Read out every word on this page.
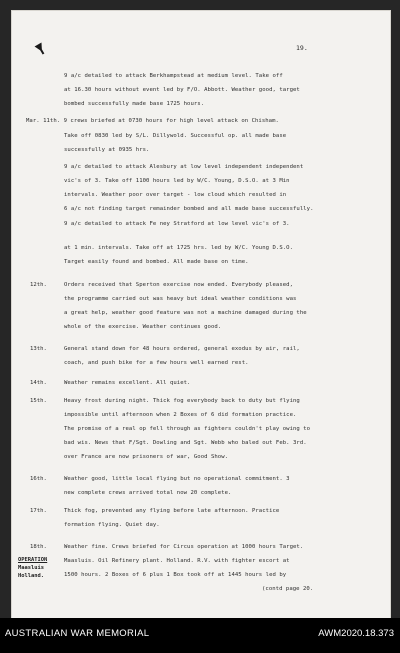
19.
9 a/c detailed to attack Berkhampstead at medium level. Take off
at 16.30 hours without event led by F/O. Abbott. Weather good, target
bombed successfully made base 1725 hours.
Mar. 11th. 9 crews briefed at 0730 hours for high level attack on Chisham.
Take off 0830 led by S/L. Dillywold. Successful op. all made base
successfully at 0935 hrs.
9 a/c detailed to attack Alesbury at low level independent independent
vic's of 3. Take off 1100 hours led by W/C. Young, D.S.O. at 3 Min
intervals. Weather poor over target - low cloud which resulted in
6 a/c not finding target remainder bombed and all made base successfully.
9 a/c detailed to attack Fe ney Stratford at low level vic's of 3.
at 1 min. intervals. Take off at 1725 hrs. led by W/C. Young D.S.O.
Target easily found and bombed. All made base on time.
12th.	Orders received that Sperton exercise now ended. Everybody pleased,
the programme carried out was heavy but ideal weather conditions was
a great help, weather good feature was not a machine damaged during the
whole of the exercise. Weather continues good.
13th.	General stand down for 48 hours ordered, general exodus by air, rail,
coach, and push bike for a few hours well earned rest.
14th.	Weather remains excellent. All quiet.
15th.	Heavy frost during night. Thick fog everybody back to duty but flying
impossible until afternoon when 2 Boxes of 6 did formation practice.
The promise of a real op fell through as fighters couldn't play owing to
bad wis. News that F/Sgt. Dowling and Sgt. Webb who baled out Feb. 3rd.
over France are now prisoners of war, Good Show.
16th.	Weather good, little local flying but no operational commitment. 3
new complete crews arrived total now 20 complete.
17th.	Thick fog, prevented any flying before late afternoon. Practice
formation flying. Quiet day.
18th.	Weather fine. Crews briefed for Circus operation at 1000 hours Target.
Maasluis. Oil Refinery plant. Holland. R.V. with fighter escort at
1500 hours. 2 Boxes of 6 plus 1 Box took off at 1445 hours led by
(contd page 20.
OPERATION
Maasluis
Holland.
AUSTRALIAN WAR MEMORIAL	AWM2020.18.373
